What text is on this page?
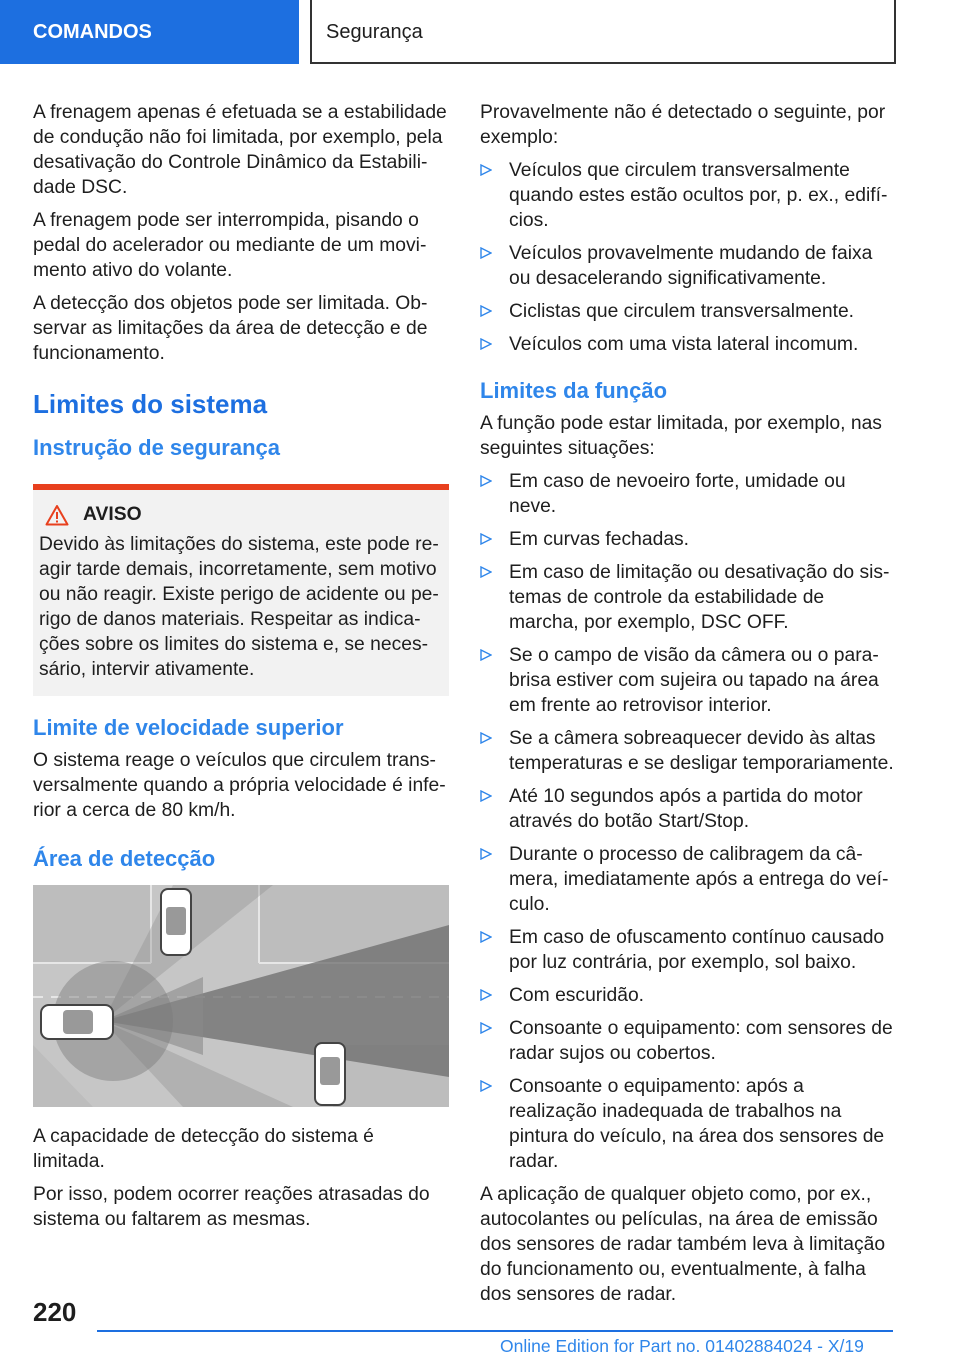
COMANDOS	Segurança

A frenagem apenas é efetuada se a estabilidade de condução não foi limitada, por exemplo, pela desativação do Controle Dinâmico da Estabilidade DSC.

A frenagem pode ser interrompida, pisando o pedal do acelerador ou mediante de um movimento ativo do volante.

A detecção dos objetos pode ser limitada. Observar as limitações da área de detecção e de funcionamento.

Limites do sistema
Instrução de segurança
AVISO

Devido às limitações do sistema, este pode reagir tarde demais, incorretamente, sem motivo ou não reagir. Existe perigo de acidente ou perigo de danos materiais. Respeitar as indicações sobre os limites do sistema e, se necessário, intervir ativamente.

Limite de velocidade superior

O sistema reage o veículos que circulem transversalmente quando a própria velocidade é inferior a cerca de 80 km/h.

Área de detecção

A capacidade de detecção do sistema é limitada.

Por isso, podem ocorrer reações atrasadas do sistema ou faltarem as mesmas.

Provavelmente não é detectado o seguinte, por exemplo:

Veículos que circulem transversalmente quando estes estão ocultos por, p. ex., edifícios.
Veículos provavelmente mudando de faixa ou desacelerando significativamente.
Ciclistas que circulem transversalmente.
Veículos com uma vista lateral incomum.
Limites da função

A função pode estar limitada, por exemplo, nas seguintes situações:

Em caso de nevoeiro forte, umidade ou neve.
Em curvas fechadas.
Em caso de limitação ou desativação do sistemas de controle da estabilidade de marcha, por exemplo, DSC OFF.
Se o campo de visão da câmera ou o para-brisa estiver com sujeira ou tapado na área em frente ao retrovisor interior.
Se a câmera sobreaquecer devido às altas temperaturas e se desligar temporariamente.
Até 10 segundos após a partida do motor através do botão Start/Stop.
Durante o processo de calibragem da câmera, imediatamente após a entrega do veículo.
Em caso de ofuscamento contínuo causado por luz contrária, por exemplo, sol baixo.
Com escuridão.
Consoante o equipamento: com sensores de radar sujos ou cobertos.
Consoante o equipamento: após a realização inadequada de trabalhos na pintura do veículo, na área dos sensores de radar.

A aplicação de qualquer objeto como, por ex., autocolantes ou películas, na área de emissão dos sensores de radar também leva à limitação do funcionamento ou, eventualmente, à falha dos sensores de radar.

220
Online Edition for Part no. 01402884024 - X/19
